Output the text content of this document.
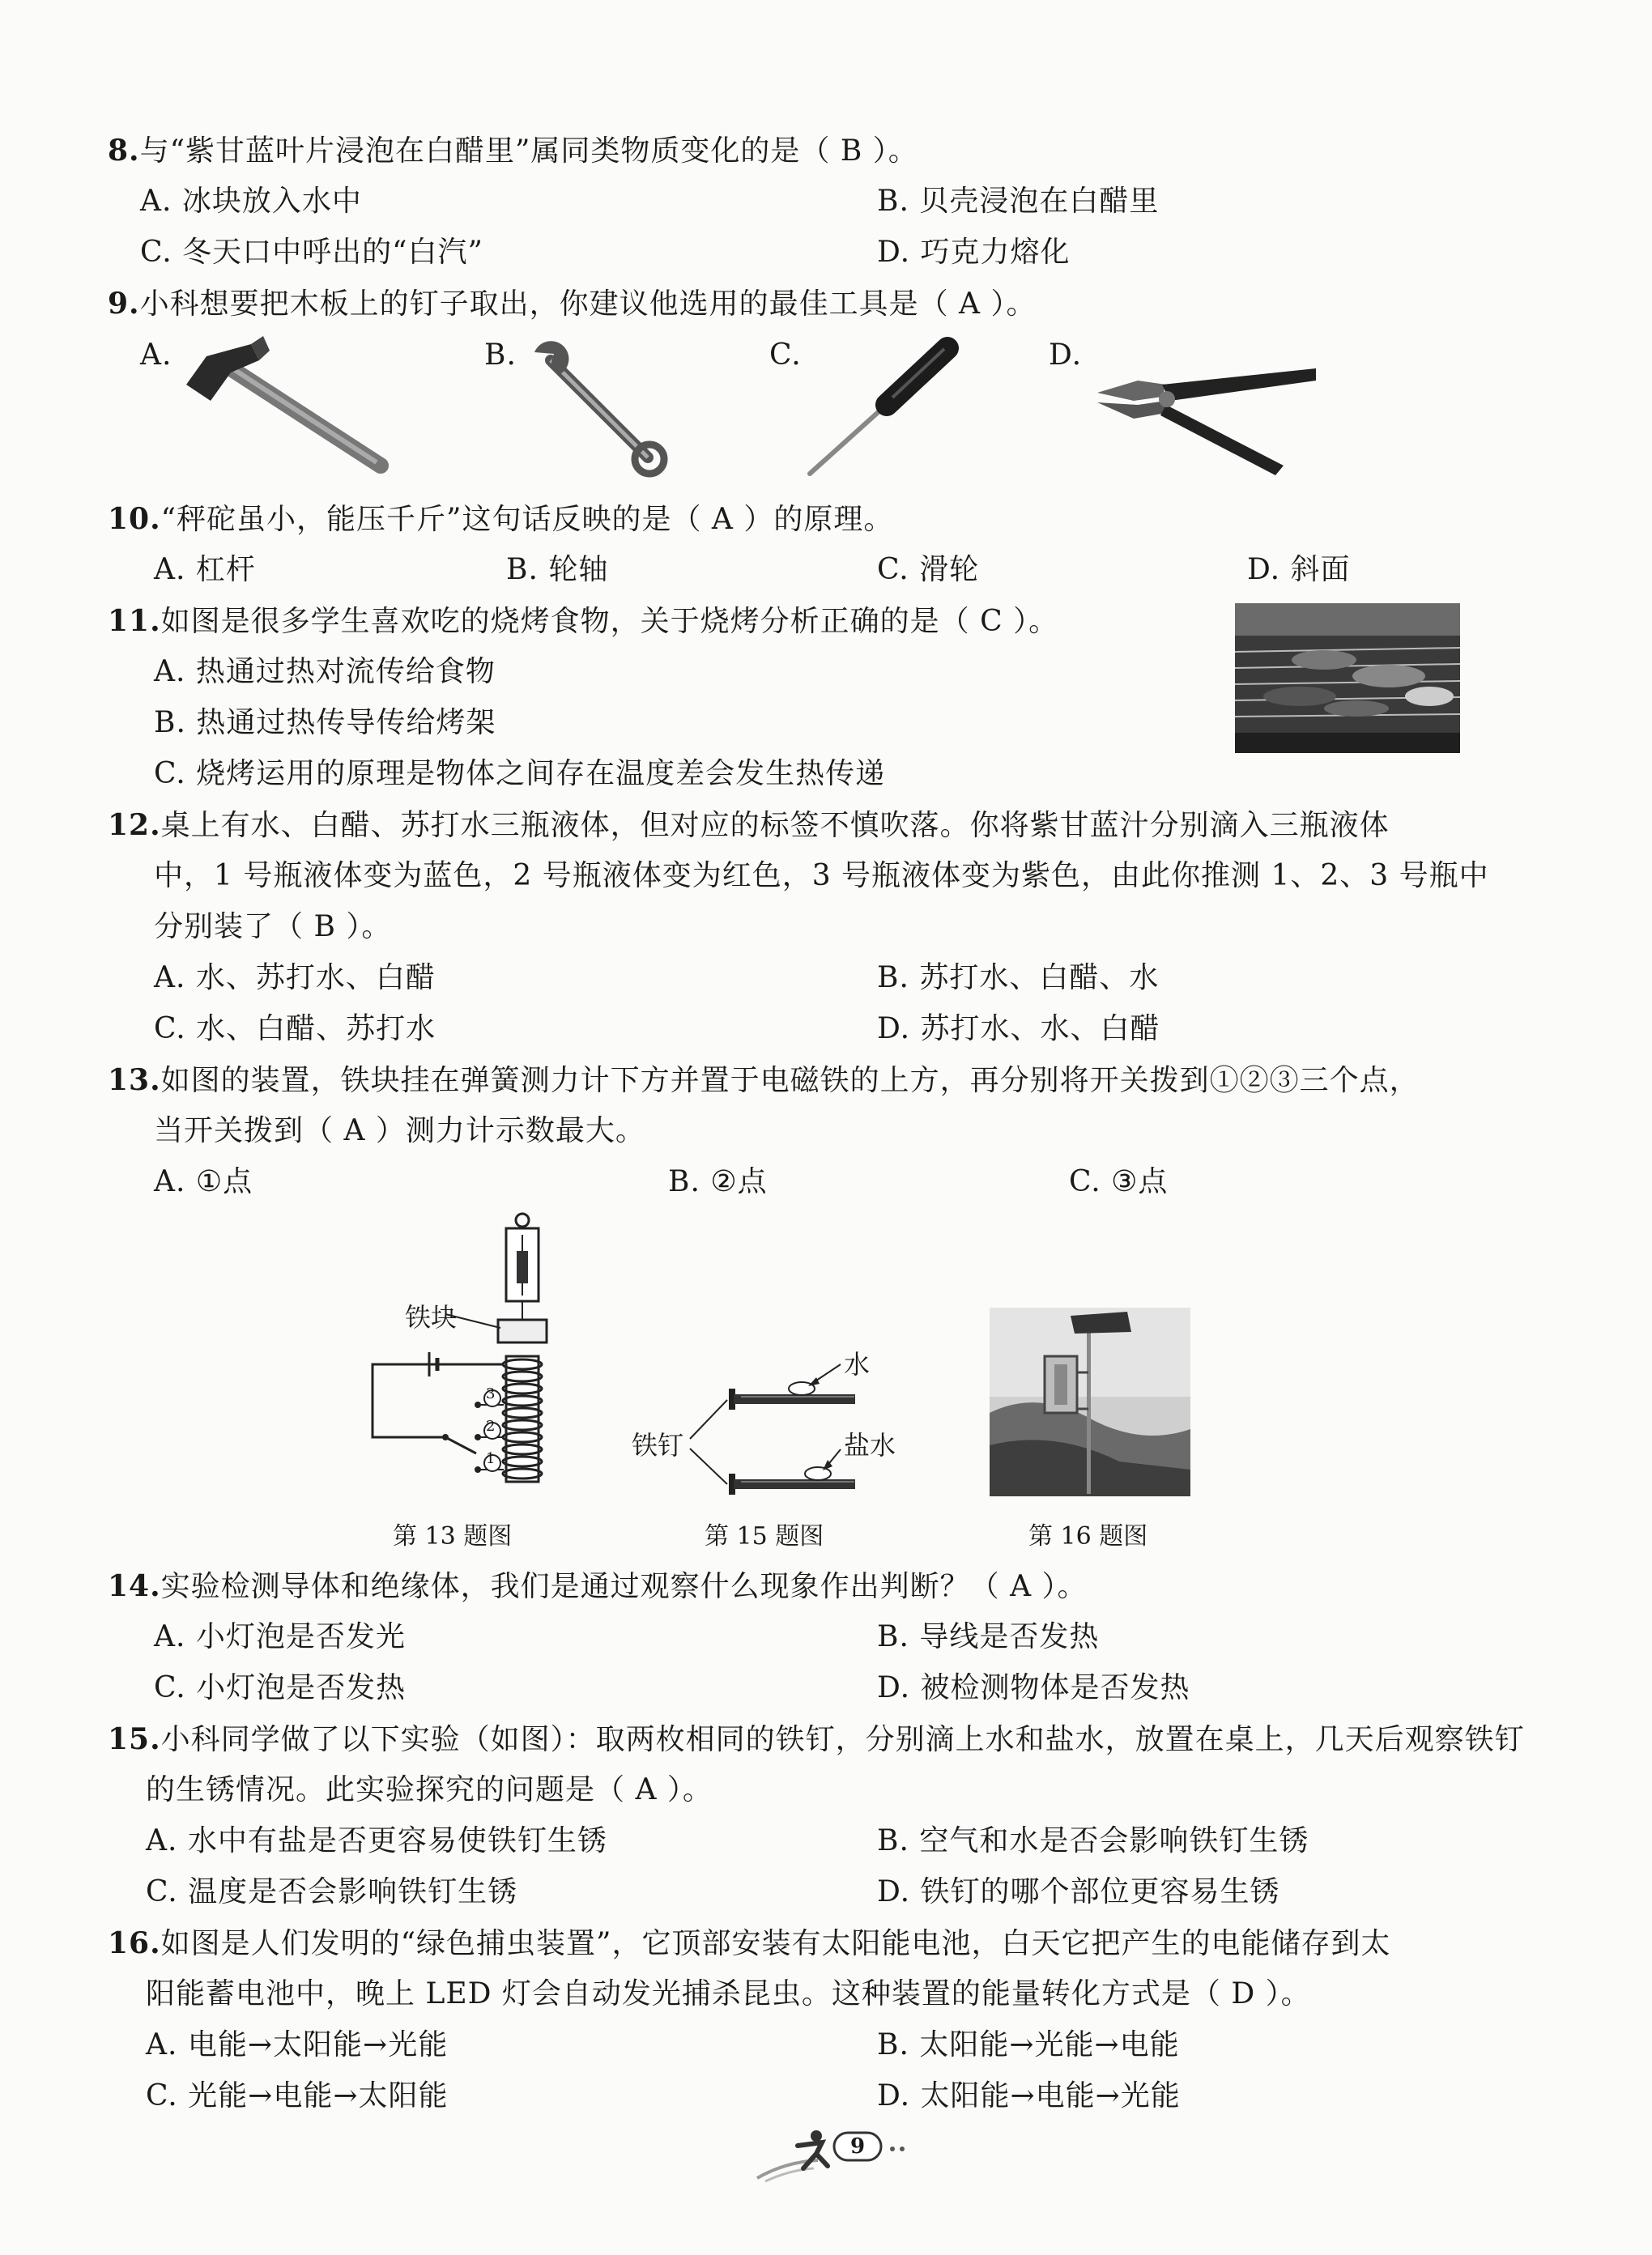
8.与“紫甘蓝叶片浸泡在白醋里”属同类物质变化的是（ B ）。
A. 冰块放入水中	B. 贝壳浸泡在白醋里
C. 冬天口中呼出的“白汽”	D. 巧克力熔化
9.小科想要把木板上的钉子取出，你建议他选用的最佳工具是（ A ）。
A.	B.	C.	D.
10.“秤砣虽小，能压千斤”这句话反映的是（ A ）的原理。
A. 杠杆	B. 轮轴	C. 滑轮	D. 斜面
11.如图是很多学生喜欢吃的烧烤食物，关于烧烤分析正确的是（ C ）。
A. 热通过热对流传给食物
B. 热通过热传导传给烤架
C. 烧烤运用的原理是物体之间存在温度差会发生热传递
12.桌上有水、白醋、苏打水三瓶液体，但对应的标签不慎吹落。你将紫甘蓝汁分别滴入三瓶液体
中，1 号瓶液体变为蓝色，2 号瓶液体变为红色，3 号瓶液体变为紫色，由此你推测 1、2、3 号瓶中
分别装了（ B ）。
A. 水、苏打水、白醋	B. 苏打水、白醋、水
C. 水、白醋、苏打水	D. 苏打水、水、白醋
13.如图的装置，铁块挂在弹簧测力计下方并置于电磁铁的上方，再分别将开关拨到①②③三个点，
当开关拨到（ A ）测力计示数最大。
A. ①点	B. ②点	C. ③点
铁块
3
2
1
第 13 题图
水
盐水
铁钉
第 15 题图	第 16 题图
14.实验检测导体和绝缘体，我们是通过观察什么现象作出判断？（ A ）。
A. 小灯泡是否发光	B. 导线是否发热
C. 小灯泡是否发热	D. 被检测物体是否发热
15.小科同学做了以下实验（如图）：取两枚相同的铁钉，分别滴上水和盐水，放置在桌上，几天后观察铁钉
的生锈情况。此实验探究的问题是（ A ）。
A. 水中有盐是否更容易使铁钉生锈	B. 空气和水是否会影响铁钉生锈
C. 温度是否会影响铁钉生锈	D. 铁钉的哪个部位更容易生锈
16.如图是人们发明的“绿色捕虫装置”，它顶部安装有太阳能电池，白天它把产生的电能储存到太
阳能蓄电池中，晚上 LED 灯会自动发光捕杀昆虫。这种装置的能量转化方式是（ D ）。
A. 电能→太阳能→光能	B. 太阳能→光能→电能
C. 光能→电能→太阳能	D. 太阳能→电能→光能
9
